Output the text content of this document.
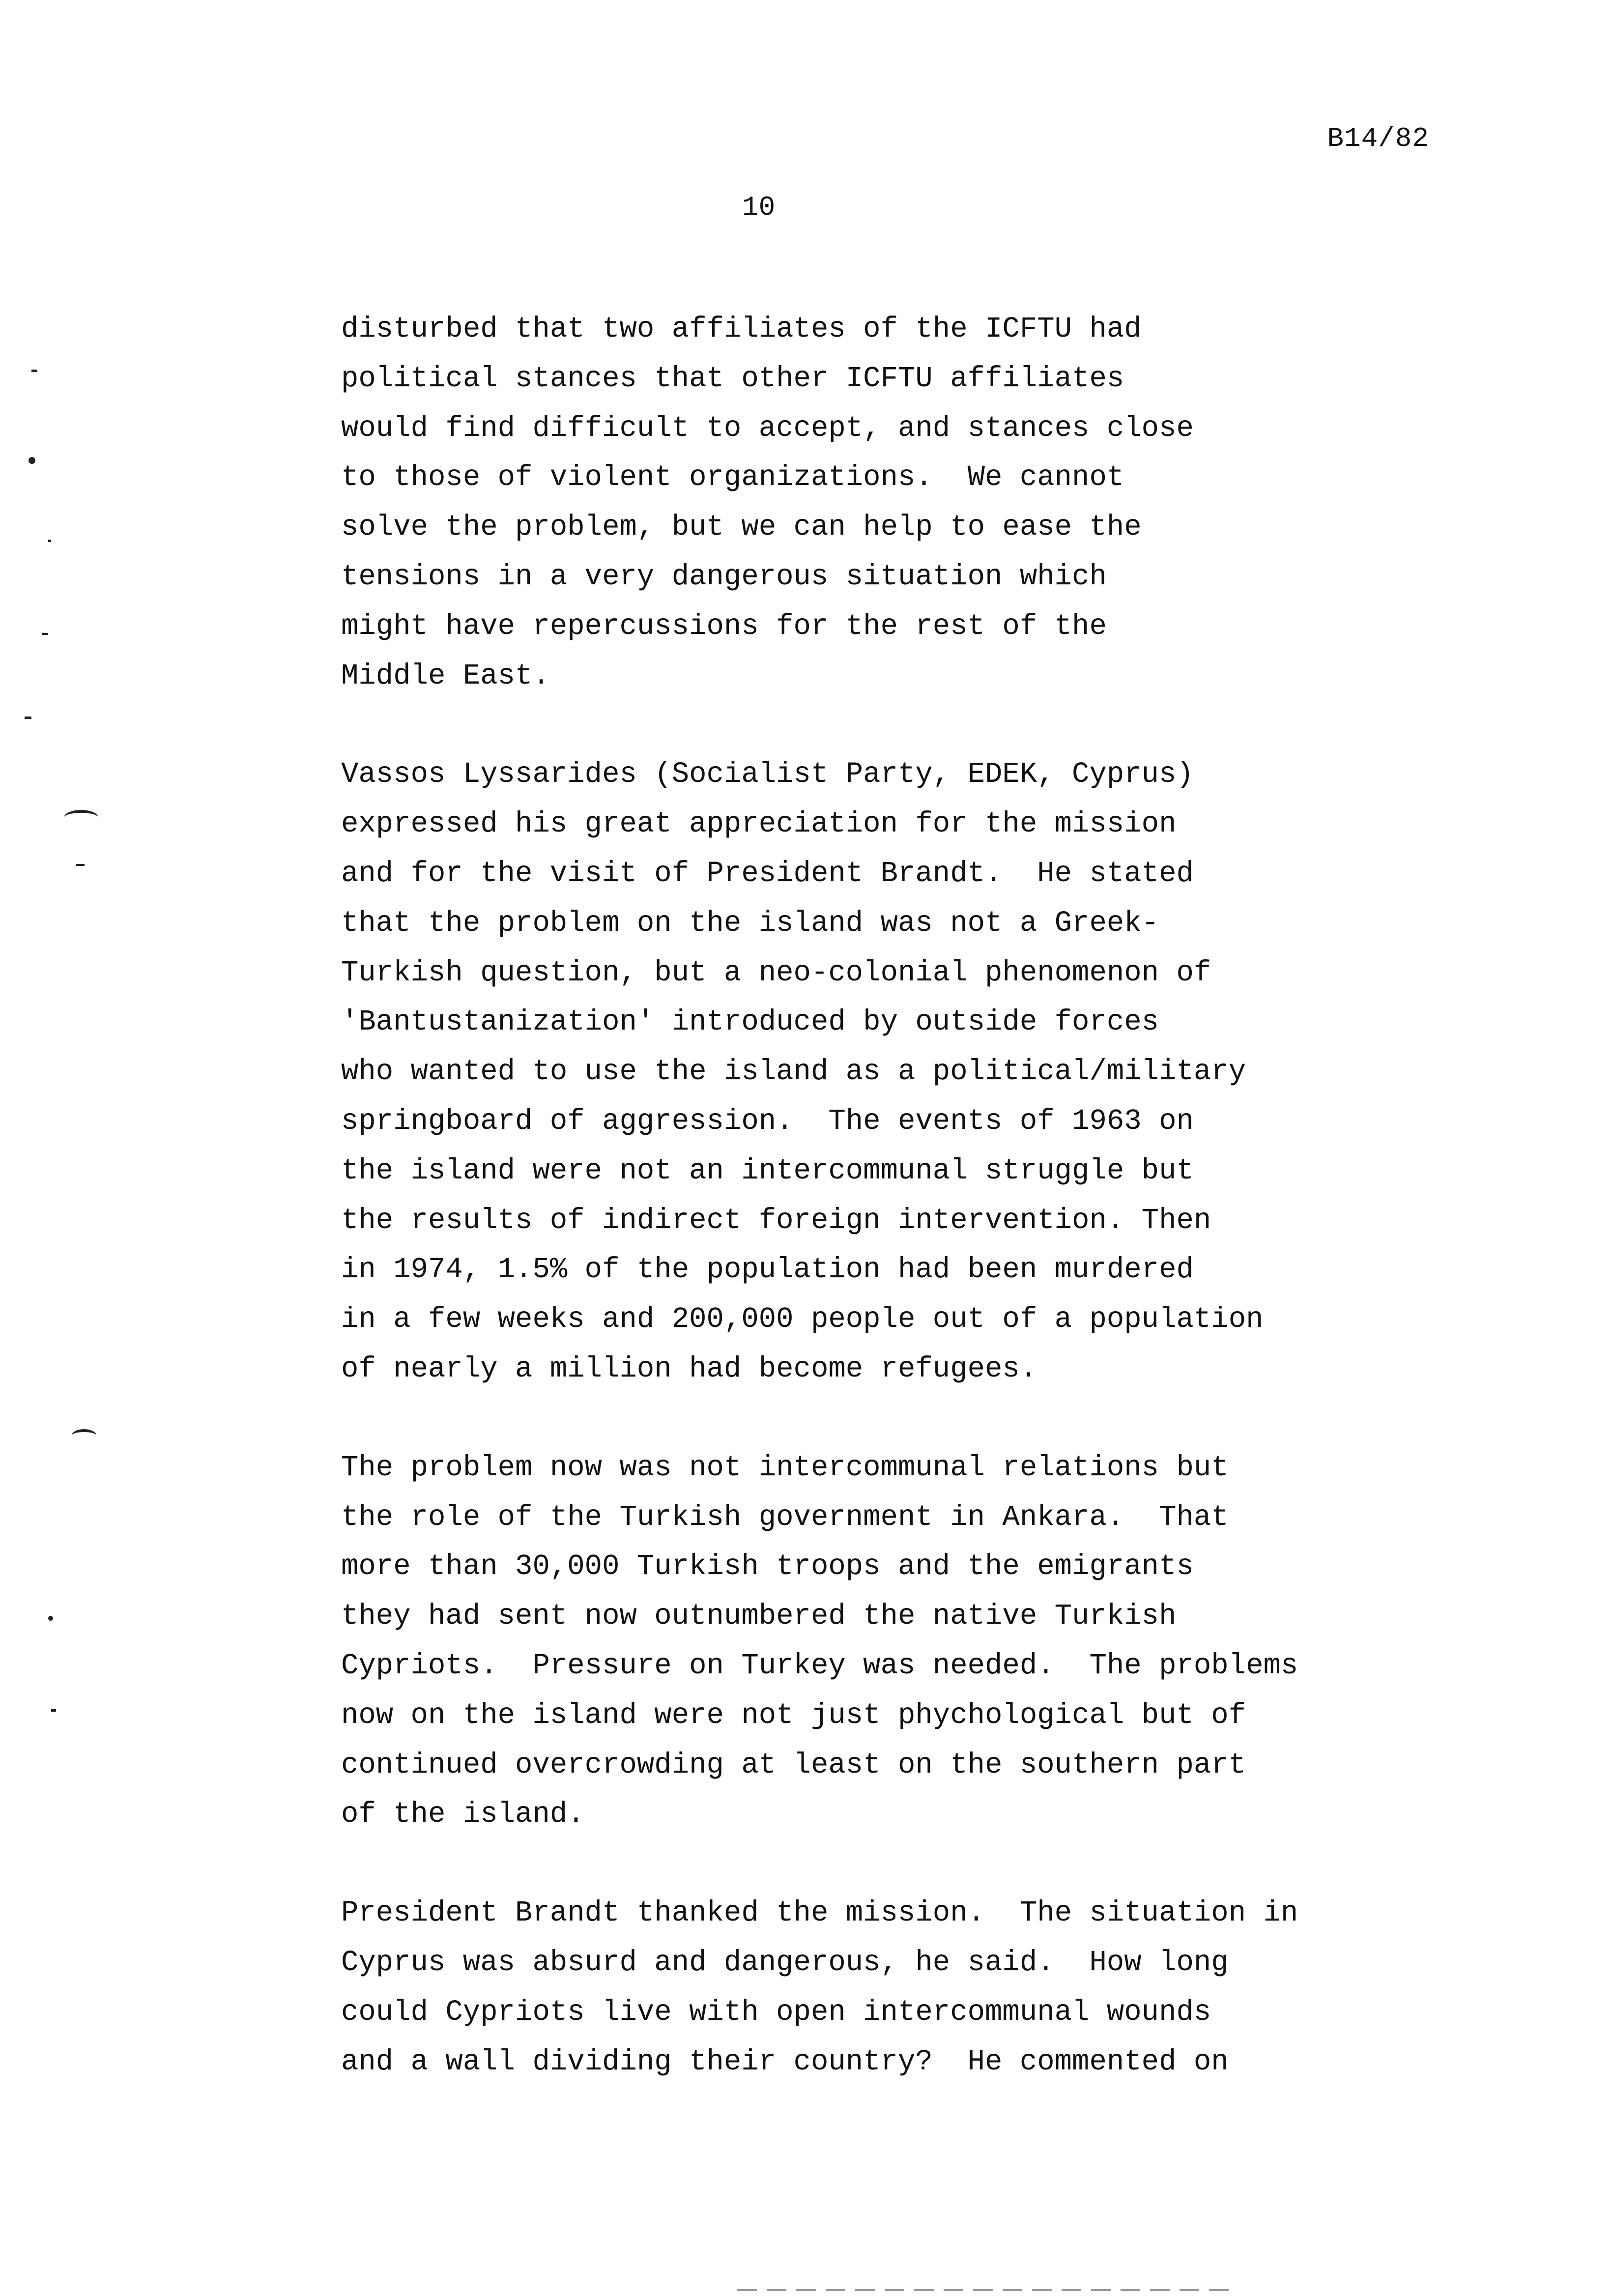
B14/82
10
disturbed that two affiliates of the ICFTU had
political stances that other ICFTU affiliates
would find difficult to accept, and stances close
to those of violent organizations.  We cannot
solve the problem, but we can help to ease the
tensions in a very dangerous situation which
might have repercussions for the rest of the
Middle East.
Vassos Lyssarides (Socialist Party, EDEK, Cyprus)
expressed his great appreciation for the mission
and for the visit of President Brandt.  He stated
that the problem on the island was not a Greek-
Turkish question, but a neo-colonial phenomenon of
'Bantustanization' introduced by outside forces
who wanted to use the island as a political/military
springboard of aggression.  The events of 1963 on
the island were not an intercommunal struggle but
the results of indirect foreign intervention. Then
in 1974, 1.5% of the population had been murdered
in a few weeks and 200,000 people out of a population
of nearly a million had become refugees.
The problem now was not intercommunal relations but
the role of the Turkish government in Ankara.  That
more than 30,000 Turkish troops and the emigrants
they had sent now outnumbered the native Turkish
Cypriots.  Pressure on Turkey was needed.  The problems
now on the island were not just phychological but of
continued overcrowding at least on the southern part
of the island.
President Brandt thanked the mission.  The situation in
Cyprus was absurd and dangerous, he said.  How long
could Cypriots live with open intercommunal wounds
and a wall dividing their country?  He commented on
